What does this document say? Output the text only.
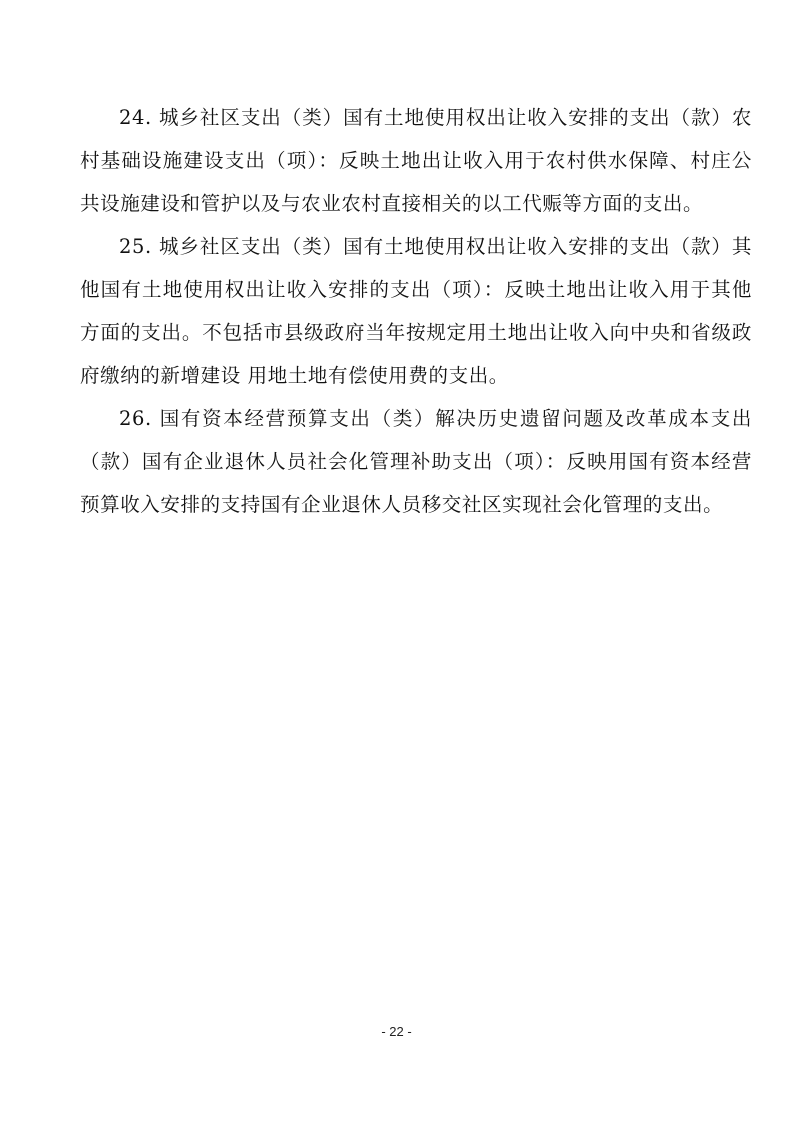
24. 城乡社区支出（类）国有土地使用权出让收入安排的支出（款）农村基础设施建设支出（项）：反映土地出让收入用于农村供水保障、村庄公共设施建设和管护以及与农业农村直接相关的以工代赈等方面的支出。

25. 城乡社区支出（类）国有土地使用权出让收入安排的支出（款）其他国有土地使用权出让收入安排的支出（项）：反映土地出让收入用于其他方面的支出。不包括市县级政府当年按规定用土地出让收入向中央和省级政府缴纳的新增建设 用地土地有偿使用费的支出。

26. 国有资本经营预算支出（类）解决历史遗留问题及改革成本支出（款）国有企业退休人员社会化管理补助支出（项）：反映用国有资本经营预算收入安排的支持国有企业退休人员移交社区实现社会化管理的支出。

- 22 -
